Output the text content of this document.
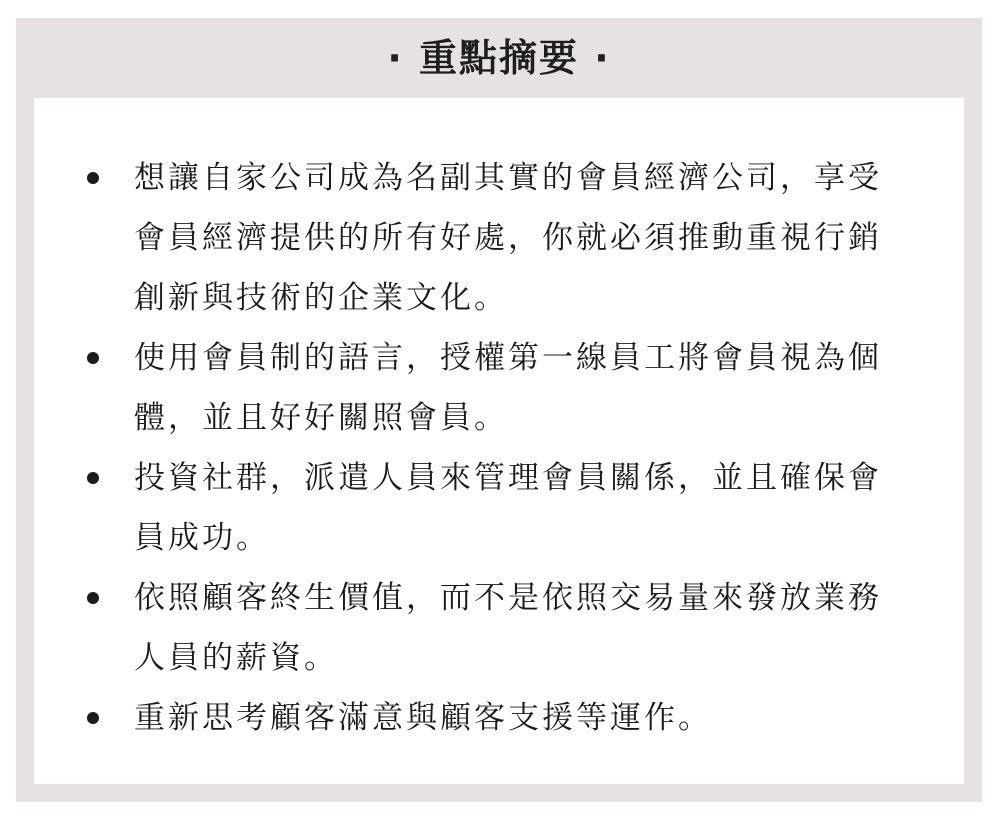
· 重點摘要 ·
想讓自家公司成為名副其實的會員經濟公司，享受會員經濟提供的所有好處，你就必須推動重視行銷創新與技術的企業文化。
使用會員制的語言，授權第一線員工將會員視為個體，並且好好關照會員。
投資社群，派遣人員來管理會員關係，並且確保會員成功。
依照顧客終生價值，而不是依照交易量來發放業務人員的薪資。
重新思考顧客滿意與顧客支援等運作。
